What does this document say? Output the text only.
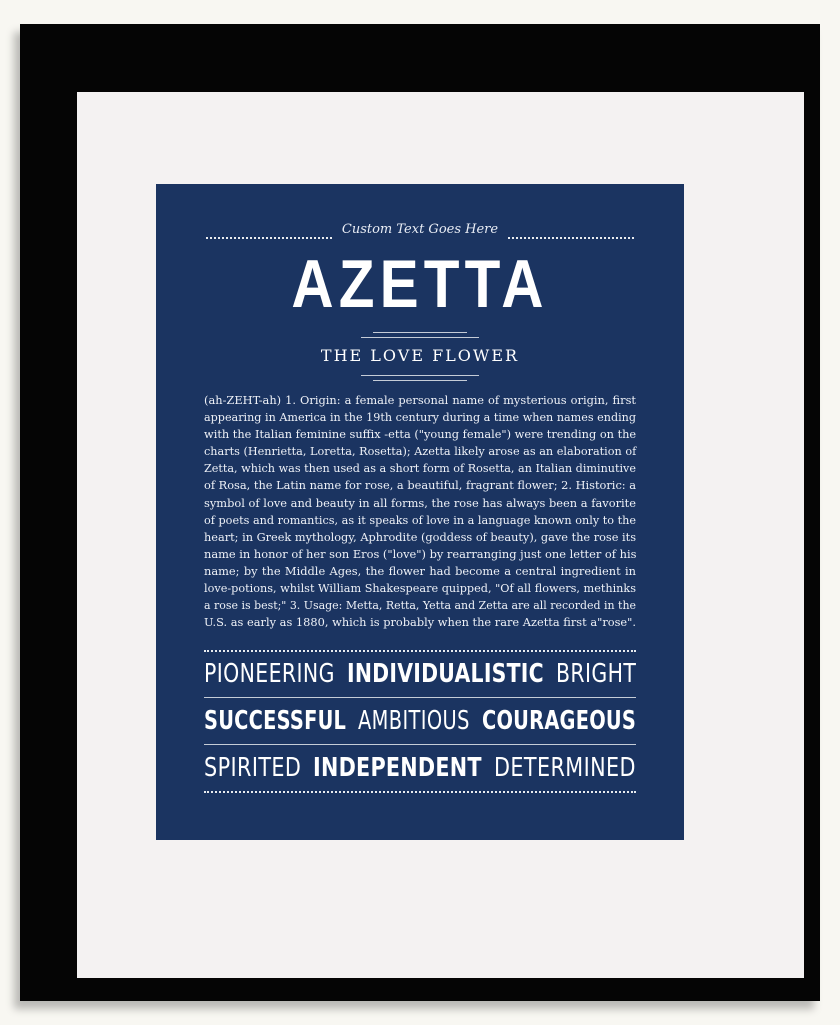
Custom Text Goes Here
AZETTA
THE LOVE FLOWER
(ah-ZEHT-ah) 1. Origin: a female personal name of mysterious origin, first
appearing in America in the 19th century during a time when names ending
with the Italian feminine suffix -etta ("young female") were trending on the
charts (Henrietta, Loretta, Rosetta); Azetta likely arose as an elaboration of
Zetta, which was then used as a short form of Rosetta, an Italian diminutive
of Rosa, the Latin name for rose, a beautiful, fragrant flower; 2. Historic: a
symbol of love and beauty in all forms, the rose has always been a favorite
of poets and romantics, as it speaks of love in a language known only to the
heart; in Greek mythology, Aphrodite (goddess of beauty), gave the rose its
name in honor of her son Eros ("love") by rearranging just one letter of his
name; by the Middle Ages, the flower had become a central ingredient in
love-potions, whilst William Shakespeare quipped, "Of all flowers, methinks
a rose is best;" 3. Usage: Metta, Retta, Yetta and Zetta are all recorded in the
U.S. as early as 1880, which is probably when the rare Azetta first a"rose".
PIONEERING INDIVIDUALISTIC BRIGHT
SUCCESSFUL AMBITIOUS COURAGEOUS
SPIRITED INDEPENDENT DETERMINED
